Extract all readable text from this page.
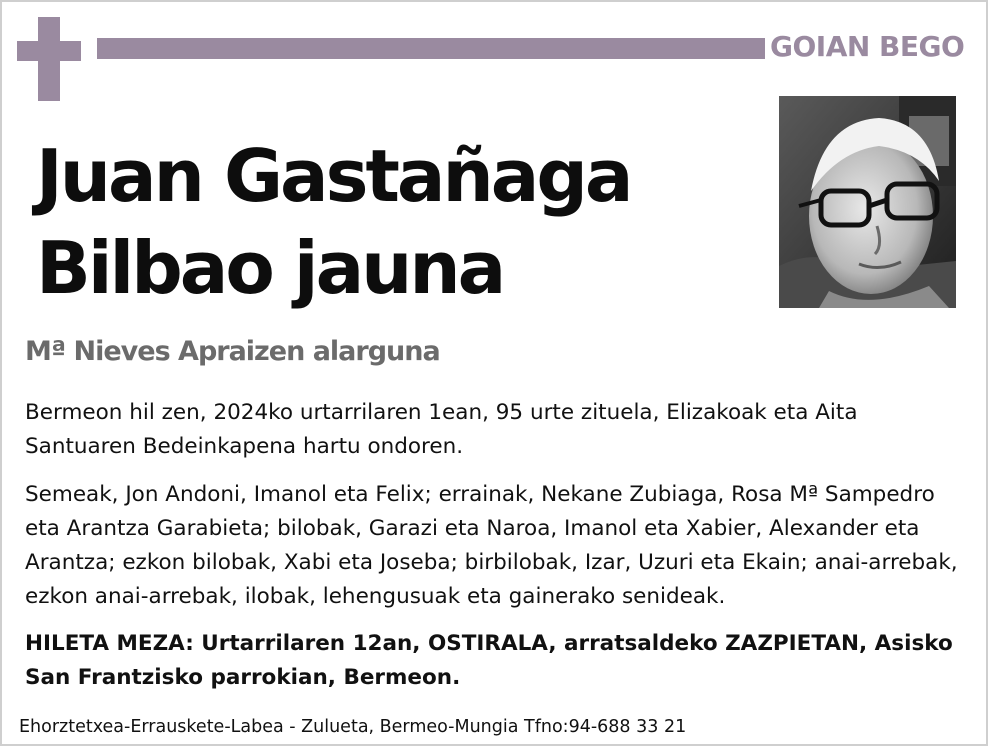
GOIAN BEGO
Juan Gastañaga
Bilbao jauna
Mª Nieves Apraizen alarguna
Bermeon hil zen, 2024ko urtarrilaren 1ean, 95 urte zituela, Elizakoak eta Aita Santuaren Bedeinkapena hartu ondoren.
Semeak, Jon Andoni, Imanol eta Felix; errainak, Nekane Zubiaga, Rosa Mª Sampedro eta Arantza Garabieta; bilobak, Garazi eta Naroa, Imanol eta Xabier, Alexander eta Arantza; ezkon bilobak, Xabi eta Joseba; birbilobak, Izar, Uzuri eta Ekain; anai-arrebak, ezkon anai-arrebak, ilobak, lehengusuak eta gainerako senideak.
HILETA MEZA: Urtarrilaren 12an, OSTIRALA, arratsaldeko ZAZPIETAN, Asisko San Frantzisko parrokian, Bermeon.
Ehorztetxea-Errauskete-Labea - Zulueta, Bermeo-Mungia Tfno:94-688 33 21
